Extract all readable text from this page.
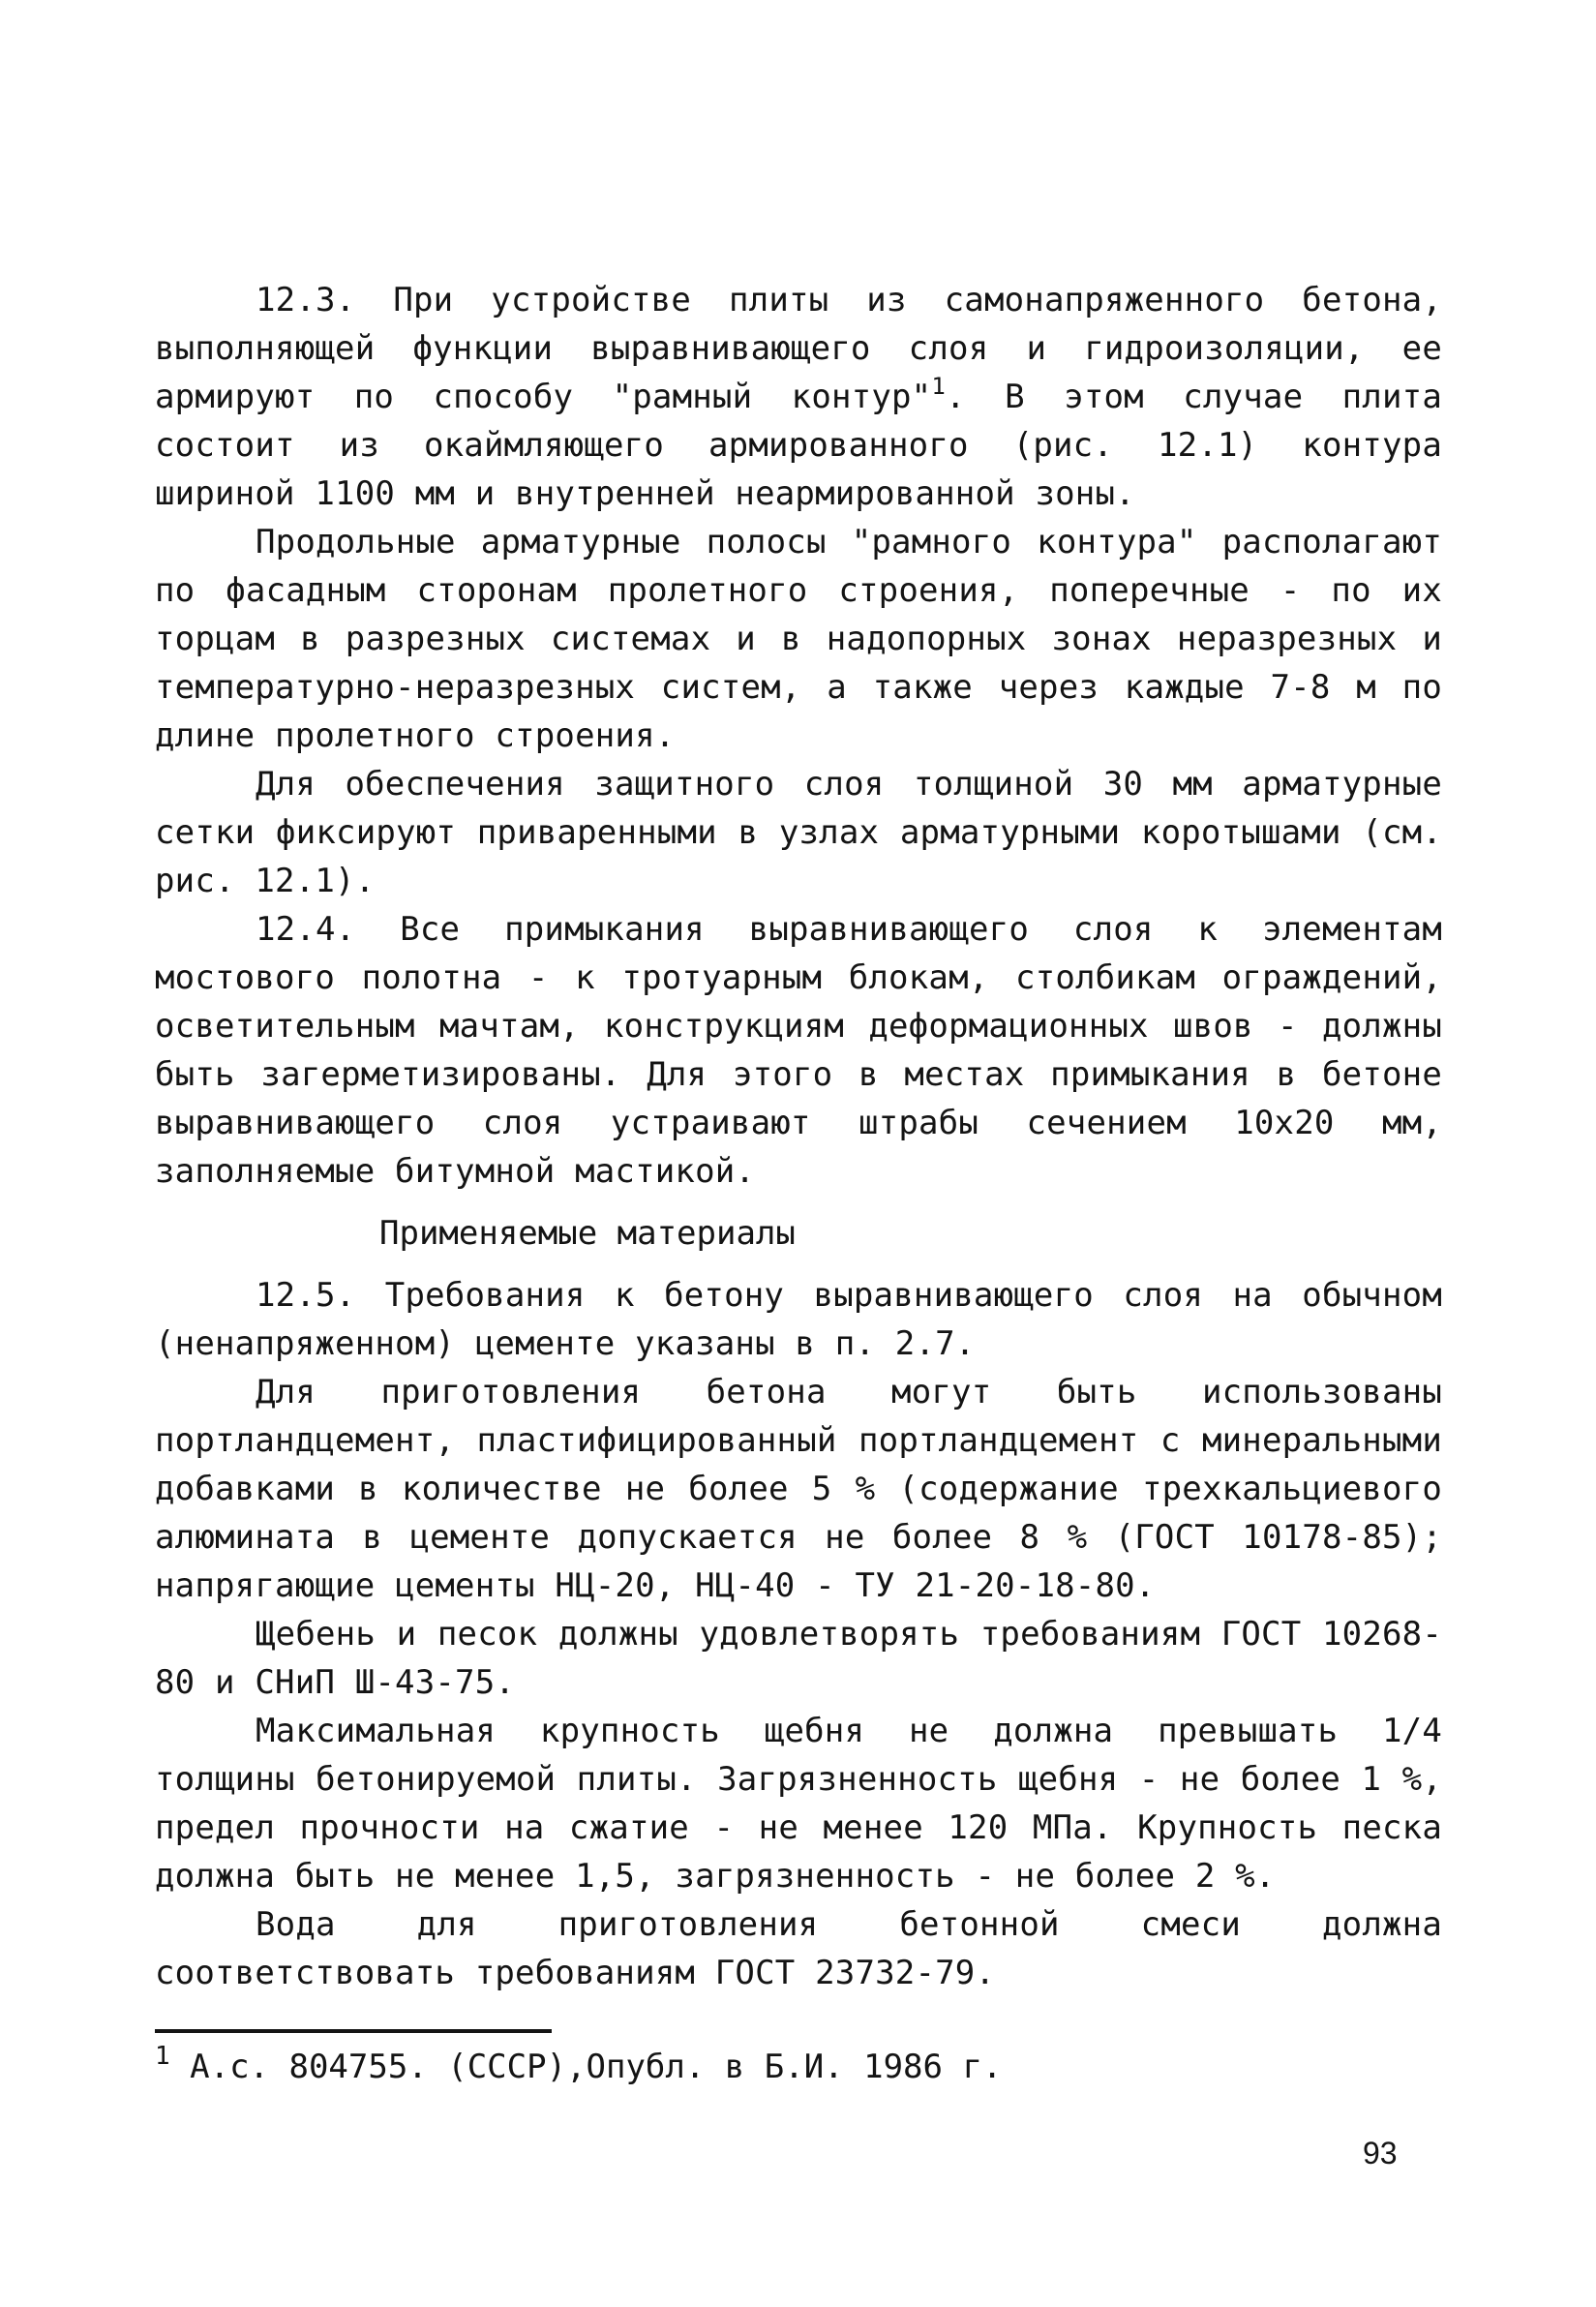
12.3. При устройстве плиты из самонапряженного бетона, выполняющей функции выравнивающего слоя и гидроизоляции, ее армируют по способу "рамный контур"$^1$. В этом случае плита состоит из окаймляющего армированного (рис. 12.1) контура шириной 1100 мм и внутренней неармированной зоны.

Продольные арматурные полосы "рамного контура" располагают по фасадным сторонам пролетного строения, поперечные - по их торцам в разрезных системах и в надопорных зонах неразрезных и температурно-неразрезных систем, а также через каждые 7-8 м по длине пролетного строения.

Для обеспечения защитного слоя толщиной 30 мм арматурные сетки фиксируют приваренными в узлах арматурными коротышами (см. рис. 12.1).

12.4. Все примыкания выравнивающего слоя к элементам мостового полотна - к тротуарным блокам, столбикам ограждений, осветительным мачтам, конструкциям деформационных швов - должны быть загерметизированы. Для этого в местах примыкания в бетоне выравнивающего слоя устраивают штрабы сечением 10x20 мм, заполняемые битумной мастикой.

Применяемые материалы

12.5. Требования к бетону выравнивающего слоя на обычном (ненапряженном) цементе указаны в п. 2.7.

Для приготовления бетона могут быть использованы портландцемент, пластифицированный портландцемент с минеральными добавками в количестве не более 5 % (содержание трехкальциевого алюмината в цементе допускается не более 8 % (ГОСТ 10178-85); напрягающие цементы НЦ-20, НЦ-40 - ТУ 21-20-18-80.

Щебень и песок должны удовлетворять требованиям ГОСТ 10268-80 и СНиП Ш-43-75.

Максимальная крупность щебня не должна превышать 1/4 толщины бетонируемой плиты. Загрязненность щебня - не более 1 %, предел прочности на сжатие - не менее 120 МПа. Крупность песка должна быть не менее 1,5, загрязненность - не более 2 %.

Вода для приготовления бетонной смеси должна соответствовать требованиям ГОСТ 23732-79.

$^1$ А.с. 804755. (СССР),Опубл. в Б.И. 1986 г.
93
